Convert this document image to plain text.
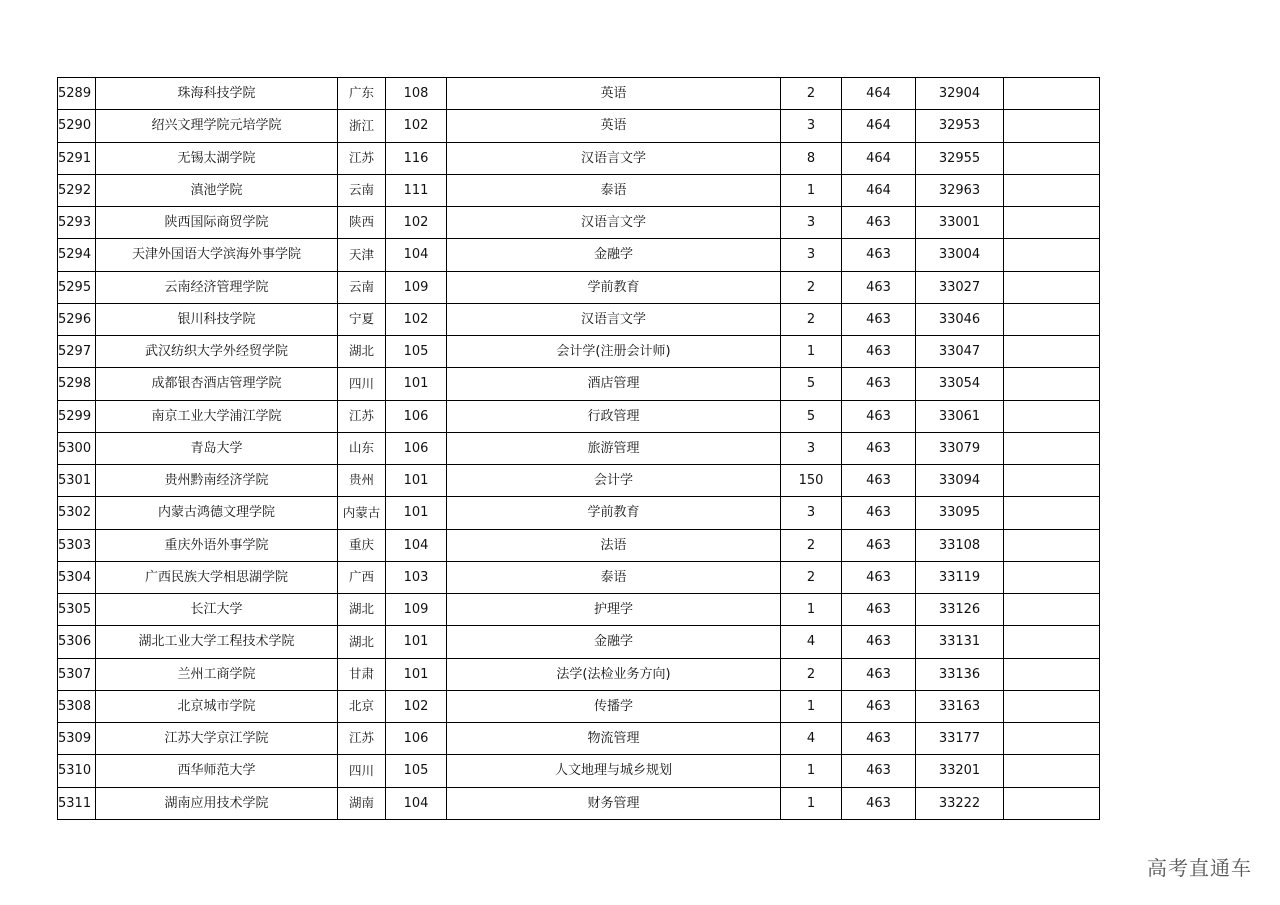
5289	珠海科技学院	广东	108	英语	2	464	32904	
5290	绍兴文理学院元培学院	浙江	102	英语	3	464	32953	
5291	无锡太湖学院	江苏	116	汉语言文学	8	464	32955	
5292	滇池学院	云南	111	泰语	1	464	32963	
5293	陕西国际商贸学院	陕西	102	汉语言文学	3	463	33001	
5294	天津外国语大学滨海外事学院	天津	104	金融学	3	463	33004	
5295	云南经济管理学院	云南	109	学前教育	2	463	33027	
5296	银川科技学院	宁夏	102	汉语言文学	2	463	33046	
5297	武汉纺织大学外经贸学院	湖北	105	会计学(注册会计师)	1	463	33047	
5298	成都银杏酒店管理学院	四川	101	酒店管理	5	463	33054	
5299	南京工业大学浦江学院	江苏	106	行政管理	5	463	33061	
5300	青岛大学	山东	106	旅游管理	3	463	33079	
5301	贵州黔南经济学院	贵州	101	会计学	150	463	33094	
5302	内蒙古鸿德文理学院	内蒙古	101	学前教育	3	463	33095	
5303	重庆外语外事学院	重庆	104	法语	2	463	33108	
5304	广西民族大学相思湖学院	广西	103	泰语	2	463	33119	
5305	长江大学	湖北	109	护理学	1	463	33126	
5306	湖北工业大学工程技术学院	湖北	101	金融学	4	463	33131	
5307	兰州工商学院	甘肃	101	法学(法检业务方向)	2	463	33136	
5308	北京城市学院	北京	102	传播学	1	463	33163	
5309	江苏大学京江学院	江苏	106	物流管理	4	463	33177	
5310	西华师范大学	四川	105	人文地理与城乡规划	1	463	33201	
5311	湖南应用技术学院	湖南	104	财务管理	1	463	33222	
高考直通车
